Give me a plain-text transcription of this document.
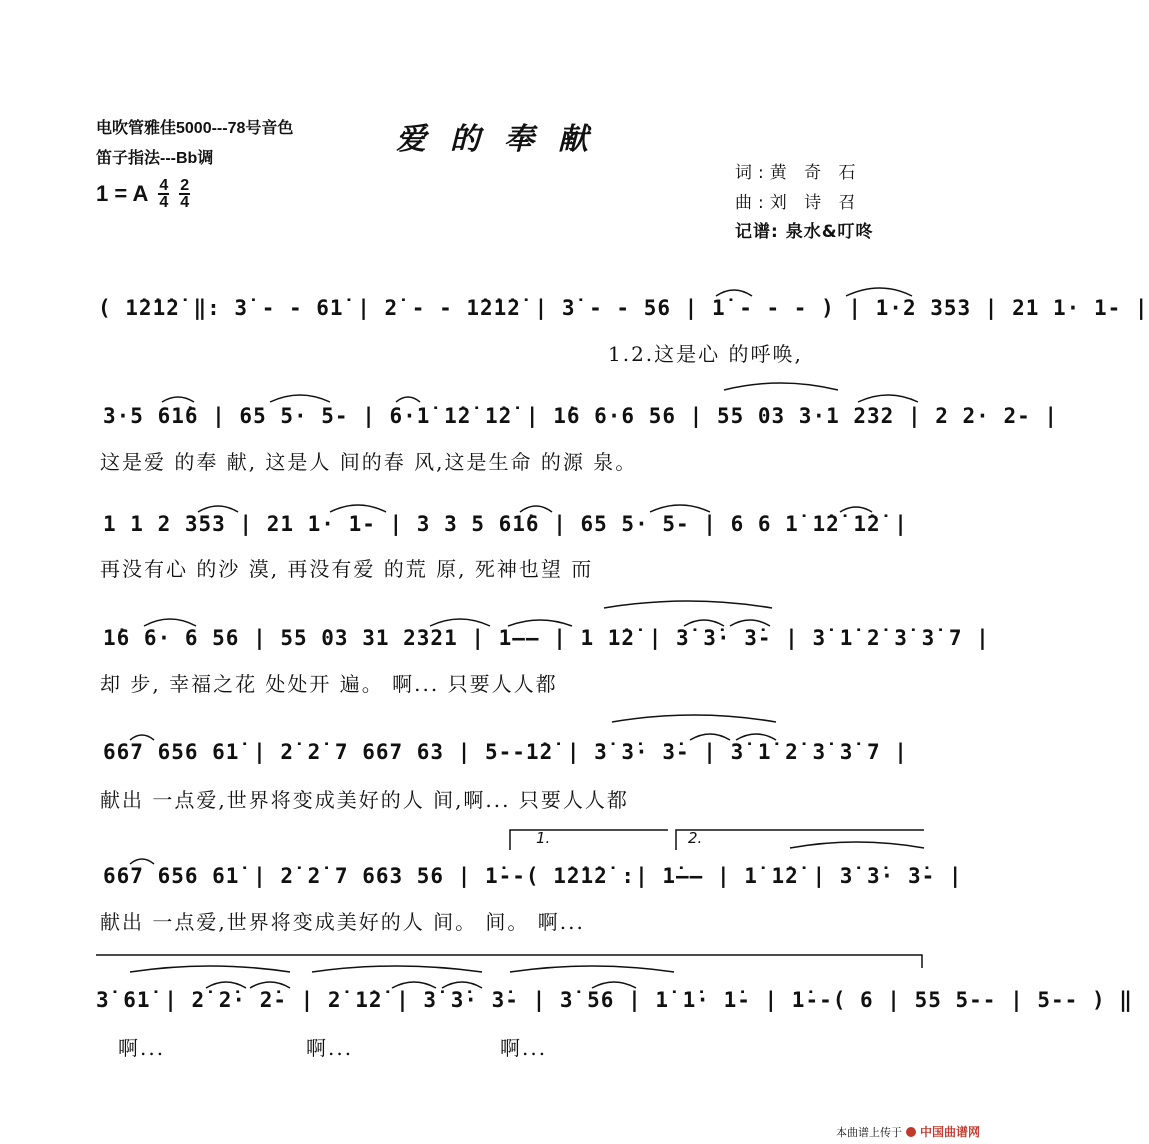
电吹管雅佳5000---78号音色
笛子指法---Bb调
1 = A $\frac{4}{4} \frac{2}{4}$
爱的奉献
词:黄 奇 石
曲:刘 诗 召
记谱: 泉水&叮咚
( 1̇2̇1̇2̇ ‖: 3̇ - - 61̇ | 2̇ - - 1̇2̇1̇2̇ | 3̇ - - 56 | 1̇ - - - ) | 1·2 353 | 21 1· 1- |
1.2.这是心 的呼唤,
3·5 61̇6 | 65 5· 5- | 6·1̇ 1̇2̇ 1̇2̇ | 1̇6 6·6 56 | 55 03 3·1 232 | 2 2· 2- |
这是爱 的奉 献, 这是人 间的春 风,这是生命 的源 泉。
1 1 2 353 | 21 1· 1- | 3 3 5 61̇6 | 65 5· 5- | 6 6 1̇ 1̇2̇ 1̇2̇ |
再没有心 的沙 漠, 再没有爱 的荒 原, 死神也望 而
1̇6 6· 6 56 | 55 03 31 2321 | 1—— | 1 1̇2̇ | 3̇ 3̇· 3̇- | 3̇ 1̇ 2̇ 3̇ 3̇ 7 |
却 步, 幸福之花 处处开 遍。 啊... 只要人人都
667 656 61̇ | 2̇ 2̇ 7 667 63 | 5--1̇2̇ | 3̇ 3̇· 3̇- | 3̇ 1̇ 2̇ 3̇ 3̇ 7 |
献出 一点爱,世界将变成美好的人 间,啊... 只要人人都
1.	2.
667 656 61̇ | 2̇ 2̇ 7 663 56 | 1̇--( 1̇2̇1̇2̇ :| 1̇—— | 1̇ 1̇2̇ | 3̇ 3̇· 3̇- |
献出 一点爱,世界将变成美好的人 间。 间。 啊...
3̇ 61̇ | 2̇ 2̇· 2̇- | 2̇ 1̇2̇ | 3̇ 3̇· 3̇- | 3̇ 56 | 1̇ 1̇· 1̇- | 1̇--( 6 | 55 5-- | 5-- ) ‖
啊...	啊...	啊...
本曲谱上传于 中国曲谱网
